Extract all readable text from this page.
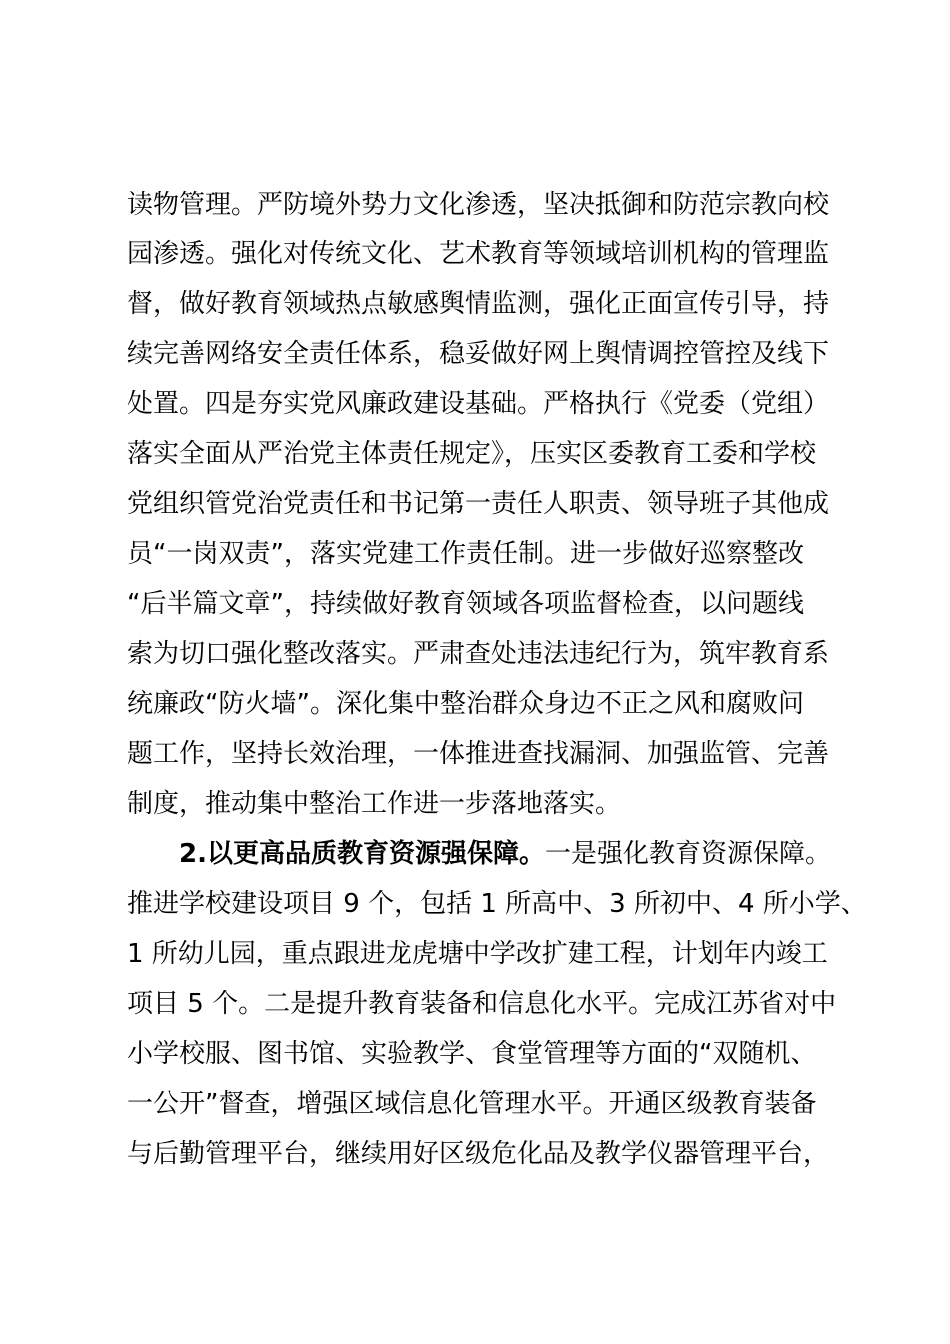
读物管理。严防境外势力文化渗透，坚决抵御和防范宗教向校
园渗透。强化对传统文化、艺术教育等领域培训机构的管理监
督，做好教育领域热点敏感舆情监测，强化正面宣传引导，持
续完善网络安全责任体系，稳妥做好网上舆情调控管控及线下
处置。四是夯实党风廉政建设基础。严格执行《党委（党组）
落实全面从严治党主体责任规定》，压实区委教育工委和学校
党组织管党治党责任和书记第一责任人职责、领导班子其他成
员“一岗双责”，落实党建工作责任制。进一步做好巡察整改
“后半篇文章”，持续做好教育领域各项监督检查，以问题线
索为切口强化整改落实。严肃查处违法违纪行为，筑牢教育系
统廉政“防火墙”。深化集中整治群众身边不正之风和腐败问
题工作，坚持长效治理，一体推进查找漏洞、加强监管、完善
制度，推动集中整治工作进一步落地落实。
2.以更高品质教育资源强保障。一是强化教育资源保障。
推进学校建设项目 9 个，包括 1 所高中、3 所初中、4 所小学、
1 所幼儿园，重点跟进龙虎塘中学改扩建工程，计划年内竣工
项目 5 个。二是提升教育装备和信息化水平。完成江苏省对中
小学校服、图书馆、实验教学、食堂管理等方面的“双随机、
一公开”督查，增强区域信息化管理水平。开通区级教育装备
与后勤管理平台，继续用好区级危化品及教学仪器管理平台，
